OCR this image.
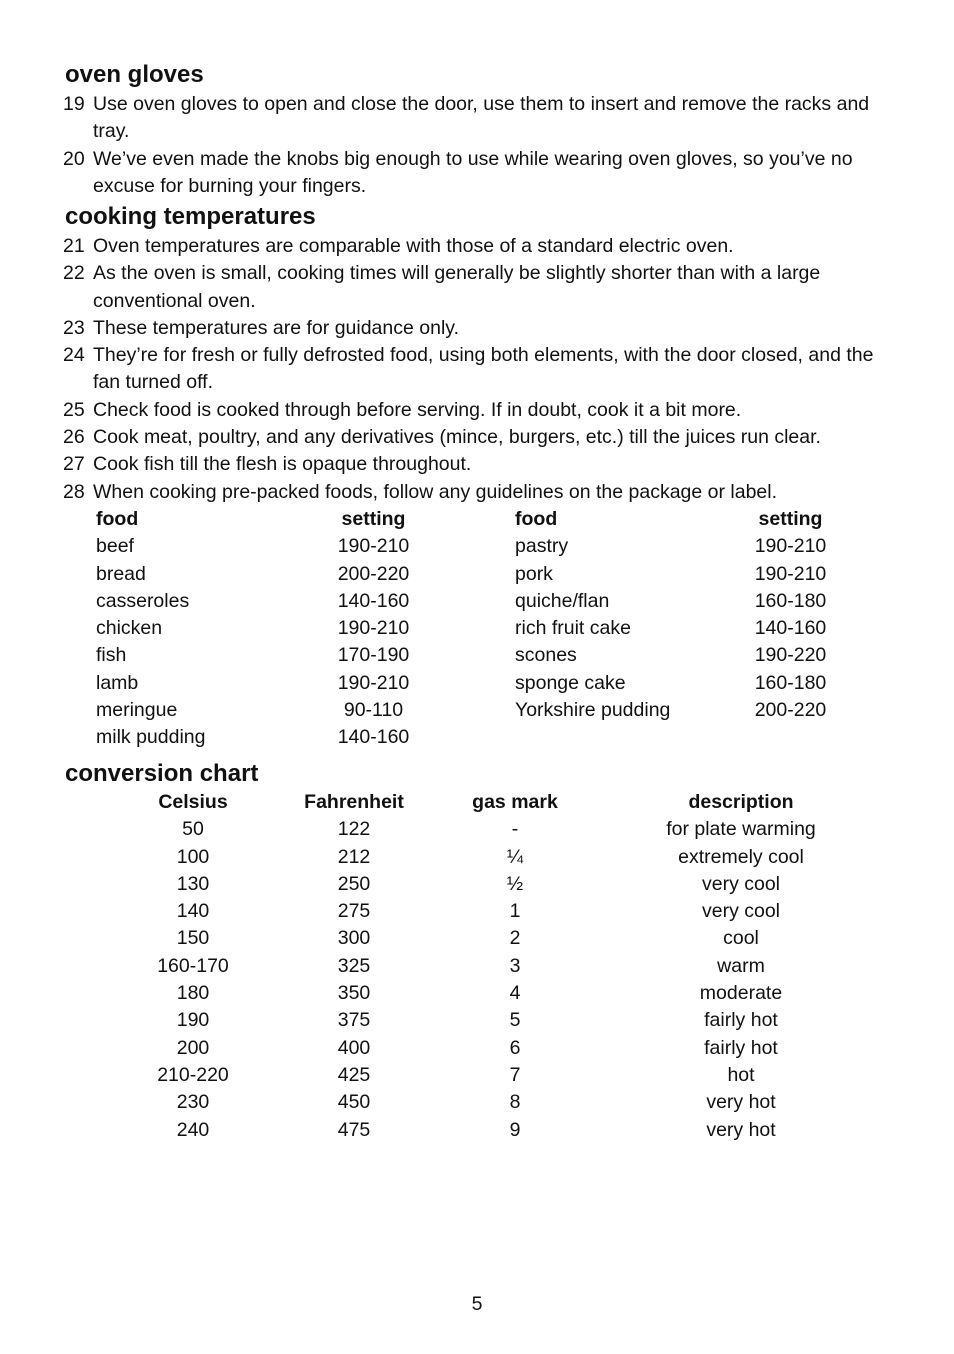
oven gloves
19 Use oven gloves to open and close the door, use them to insert and remove the racks and tray.
20 We’ve even made the knobs big enough to use while wearing oven gloves, so you’ve no excuse for burning your fingers.
cooking temperatures
21 Oven temperatures are comparable with those of a standard electric oven.
22 As the oven is small, cooking times will generally be slightly shorter than with a large conventional oven.
23 These temperatures are for guidance only.
24 They’re for fresh or fully defrosted food, using both elements, with the door closed, and the fan turned off.
25 Check food is cooked through before serving. If in doubt, cook it a bit more.
26 Cook meat, poultry, and any derivatives (mince, burgers, etc.) till the juices run clear.
27 Cook fish till the flesh is opaque throughout.
28 When cooking pre-packed foods, follow any guidelines on the package or label.
food	setting		food	setting
beef	190-210		pastry	190-210
bread	200-220		pork	190-210
casseroles	140-160		quiche/flan	160-180
chicken	190-210		rich fruit cake	140-160
fish	170-190		scones	190-220
lamb	190-210		sponge cake	160-180
meringue	90-110		Yorkshire pudding	200-220
milk pudding	140-160			
conversion chart
Celsius	Fahrenheit	gas mark	description
50	122	-	for plate warming
100	212	¼	extremely cool
130	250	½	very cool
140	275	1	very cool
150	300	2	cool
160-170	325	3	warm
180	350	4	moderate
190	375	5	fairly hot
200	400	6	fairly hot
210-220	425	7	hot
230	450	8	very hot
240	475	9	very hot
5
